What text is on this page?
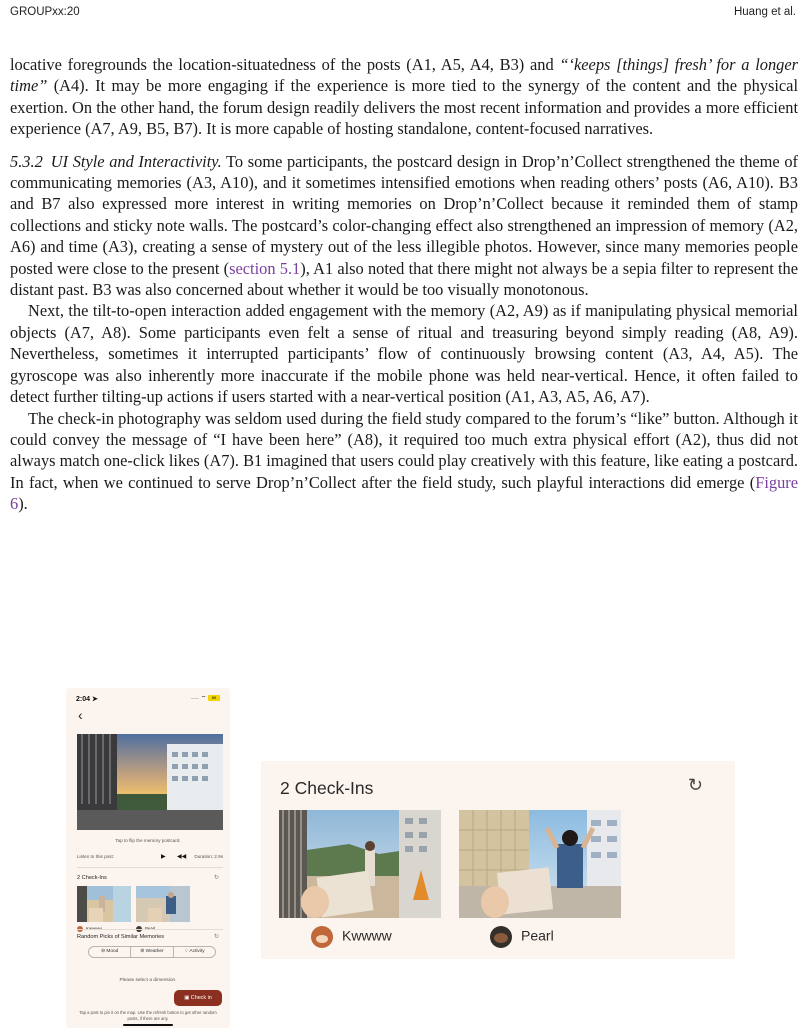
GROUPxx:20	Huang et al.

locative foregrounds the location-situatedness of the posts (A1, A5, A4, B3) and “‘keeps [things] fresh’ for a longer time” (A4). It may be more engaging if the experience is more tied to the synergy of the content and the physical exertion. On the other hand, the forum design readily delivers the most recent information and provides a more efficient experience (A7, A9, B5, B7). It is more capable of hosting standalone, content-focused narratives.

5.3.2 UI Style and Interactivity. To some participants, the postcard design in Drop’n’Collect strengthened the theme of communicating memories (A3, A10), and it sometimes intensified emotions when reading others’ posts (A6, A10). B3 and B7 also expressed more interest in writing memories on Drop’n’Collect because it reminded them of stamp collections and sticky note walls. The postcard’s color-changing effect also strengthened an impression of memory (A2, A6) and time (A3), creating a sense of mystery out of the less illegible photos. However, since many memories people posted were close to the present (section 5.1), A1 also noted that there might not always be a sepia filter to represent the distant past. B3 was also concerned about whether it would be too visually monotonous.

Next, the tilt-to-open interaction added engagement with the memory (A2, A9) as if manipulating physical memorial objects (A7, A8). Some participants even felt a sense of ritual and treasuring beyond simply reading (A8, A9). Nevertheless, sometimes it interrupted participants’ flow of continuously browsing content (A3, A4, A5). The gyroscope was also inherently more inaccurate if the mobile phone was held near-vertical. Hence, it often failed to detect further tilting-up actions if users started with a near-vertical position (A1, A3, A5, A6, A7).

The check-in photography was seldom used during the field study compared to the forum’s “like” button. Although it could convey the message of “I have been here” (A8), it required too much extra physical effort (A2), thus did not always match one-click likes (A7). B1 imagined that users could play creatively with this feature, like eating a postcard. In fact, when we continued to serve Drop’n’Collect after the field study, such playful interactions did emerge (Figure 6).

2:04 ➤	···· ⌔	89
‹
Tap to flip the memory postcard.
Listen to this post:	▶ ◀◀ Duration: 2.9s
2 Check-Ins	↻
Random Picks of Similar Memories	↻
⊖ Mood	⊚ Weather	♢ Activity
Please select a dimension.
▣ Check in
Tap a post to pin it on the map. Use the refresh button to get other random posts, if there are any.
2 Check-Ins	↻
Kwwww	Pearl
